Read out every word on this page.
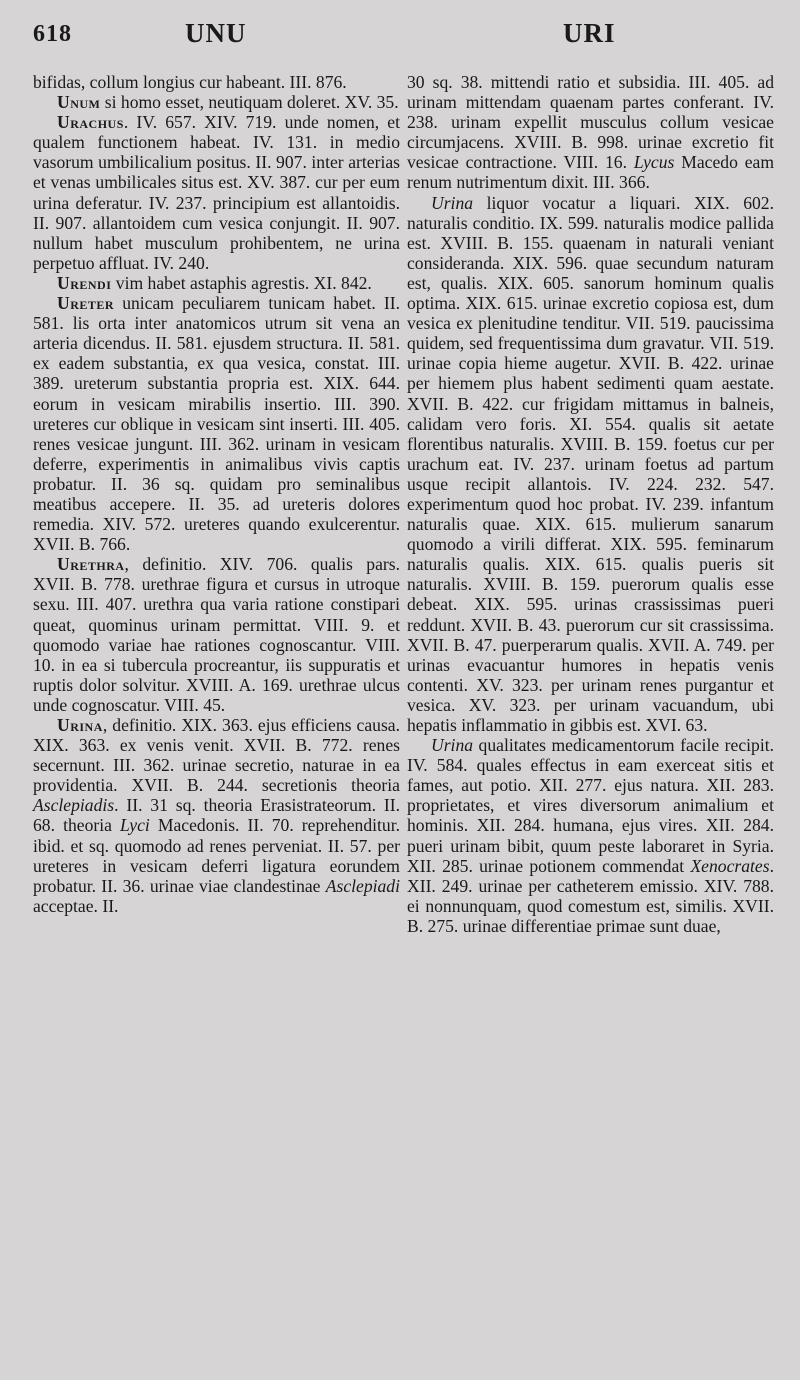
618	UNU	URI

bifidas, collum longius cur habeant. III. 876.

Unum si homo esset, neutiquam doleret. XV. 35.

Urachus. IV. 657. XIV. 719. unde nomen, et qualem functionem habeat. IV. 131. in medio vasorum umbilicalium positus. II. 907. inter arterias et venas umbilicales situs est. XV. 387. cur per eum urina deferatur. IV. 237. principium est allantoidis. II. 907. allantoidem cum vesica conjungit. II. 907. nullum habet musculum prohibentem, ne urina perpetuo affluat. IV. 240.

Urendi vim habet astaphis agrestis. XI. 842.

Ureter unicam peculiarem tunicam habet. II. 581. lis orta inter anatomicos utrum sit vena an arteria dicendus. II. 581. ejusdem structura. II. 581. ex eadem substantia, ex qua vesica, constat. III. 389. ureterum substantia propria est. XIX. 644. eorum in vesicam mirabilis insertio. III. 390. ureteres cur oblique in vesicam sint inserti. III. 405. renes vesicae jungunt. III. 362. urinam in vesicam deferre, experimentis in animalibus vivis captis probatur. II. 36 sq. quidam pro seminalibus meatibus accepere. II. 35. ad ureteris dolores remedia. XIV. 572. ureteres quando exulcerentur. XVII. B. 766.

Urethra, definitio. XIV. 706. qualis pars. XVII. B. 778. urethrae figura et cursus in utroque sexu. III. 407. urethra qua varia ratione constipari queat, quominus urinam permittat. VIII. 9. et quomodo variae hae rationes cognoscantur. VIII. 10. in ea si tubercula procreantur, iis suppuratis et ruptis dolor solvitur. XVIII. A. 169. urethrae ulcus unde cognoscatur. VIII. 45.

Urina, definitio. XIX. 363. ejus efficiens causa. XIX. 363. ex venis venit. XVII. B. 772. renes secernunt. III. 362. urinae secretio, naturae in ea providentia. XVII. B. 244. secretionis theoria Asclepiadis. II. 31 sq. theoria Erasistrateorum. II. 68. theoria Lyci Macedonis. II. 70. reprehenditur. ibid. et sq. quomodo ad renes perveniat. II. 57. per ureteres in vesicam deferri ligatura eorundem probatur. II. 36. urinae viae clandestinae Asclepiadi acceptae. II.

30 sq. 38. mittendi ratio et subsidia. III. 405. ad urinam mittendam quaenam partes conferant. IV. 238. urinam expellit musculus collum vesicae circumjacens. XVIII. B. 998. urinae excretio fit vesicae contractione. VIII. 16. Lycus Macedo eam renum nutrimentum dixit. III. 366.

Urina liquor vocatur a liquari. XIX. 602. naturalis conditio. IX. 599. naturalis modice pallida est. XVIII. B. 155. quaenam in naturali veniant consideranda. XIX. 596. quae secundum naturam est, qualis. XIX. 605. sanorum hominum qualis optima. XIX. 615. urinae excretio copiosa est, dum vesica ex plenitudine tenditur. VII. 519. paucissima quidem, sed frequentissima dum gravatur. VII. 519. urinae copia hieme augetur. XVII. B. 422. urinae per hiemem plus habent sedimenti quam aestate. XVII. B. 422. cur frigidam mittamus in balneis, calidam vero foris. XI. 554. qualis sit aetate florentibus naturalis. XVIII. B. 159. foetus cur per urachum eat. IV. 237. urinam foetus ad partum usque recipit allantois. IV. 224. 232. 547. experimentum quod hoc probat. IV. 239. infantum naturalis quae. XIX. 615. mulierum sanarum quomodo a virili differat. XIX. 595. feminarum naturalis qualis. XIX. 615. qualis pueris sit naturalis. XVIII. B. 159. puerorum qualis esse debeat. XIX. 595. urinas crassissimas pueri reddunt. XVII. B. 43. puerorum cur sit crassissima. XVII. B. 47. puerperarum qualis. XVII. A. 749. per urinas evacuantur humores in hepatis venis contenti. XV. 323. per urinam renes purgantur et vesica. XV. 323. per urinam vacuandum, ubi hepatis inflammatio in gibbis est. XVI. 63.

Urina qualitates medicamentorum facile recipit. IV. 584. quales effectus in eam exerceat sitis et fames, aut potio. XII. 277. ejus natura. XII. 283. proprietates, et vires diversorum animalium et hominis. XII. 284. humana, ejus vires. XII. 284. pueri urinam bibit, quum peste laboraret in Syria. XII. 285. urinae potionem commendat Xenocrates. XII. 249. urinae per catheterem emissio. XIV. 788. ei nonnunquam, quod comestum est, similis. XVII. B. 275. urinae differentiae primae sunt duae,
